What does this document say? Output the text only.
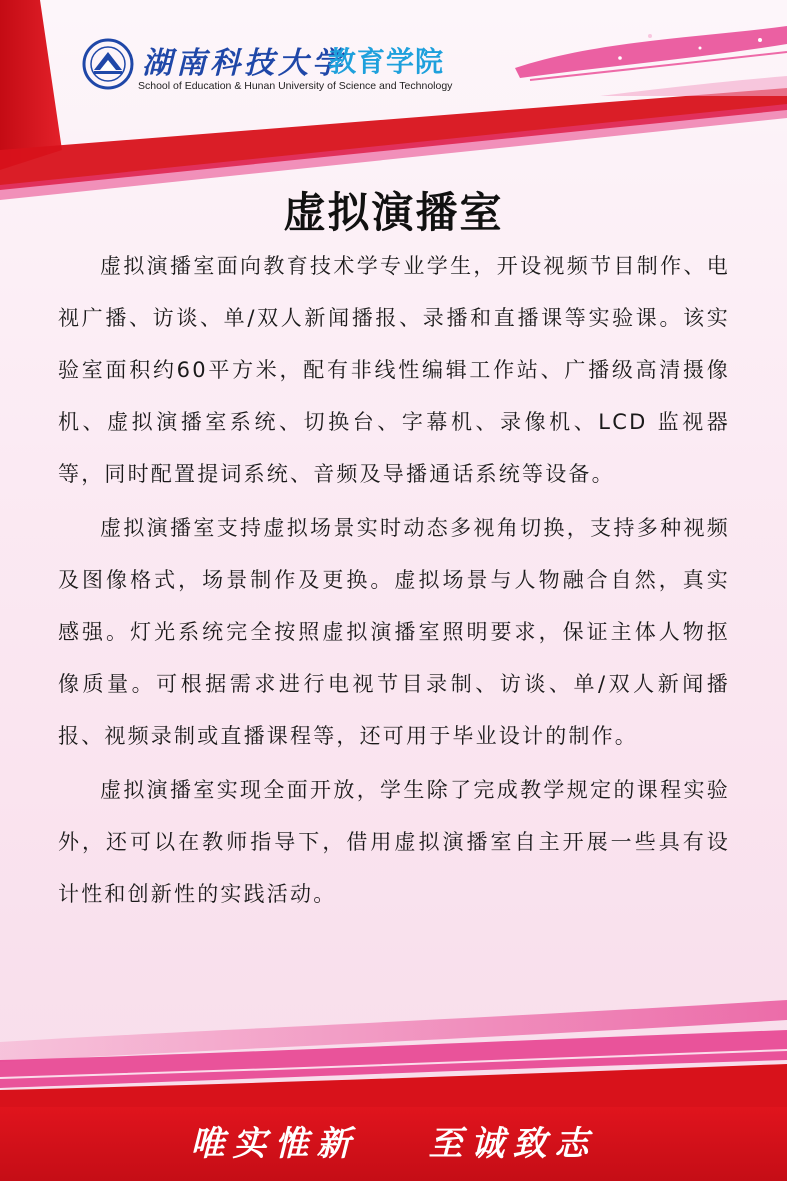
湖南科技大学
教育学院
School of Education & Hunan University of Science and Technology
虚拟演播室

虚拟演播室面向教育技术学专业学生，开设视频节目制作、电视广播、访谈、单/双人新闻播报、录播和直播课等实验课。该实验室面积约60平方米，配有非线性编辑工作站、广播级高清摄像机、虚拟演播室系统、切换台、字幕机、录像机、LCD 监视器等，同时配置提词系统、音频及导播通话系统等设备。

虚拟演播室支持虚拟场景实时动态多视角切换，支持多种视频及图像格式，场景制作及更换。虚拟场景与人物融合自然，真实感强。灯光系统完全按照虚拟演播室照明要求，保证主体人物抠像质量。可根据需求进行电视节目录制、访谈、单/双人新闻播报、视频录制或直播课程等，还可用于毕业设计的制作。

虚拟演播室实现全面开放，学生除了完成教学规定的课程实验外，还可以在教师指导下，借用虚拟演播室自主开展一些具有设计性和创新性的实践活动。

唯实惟新 至诚致志
